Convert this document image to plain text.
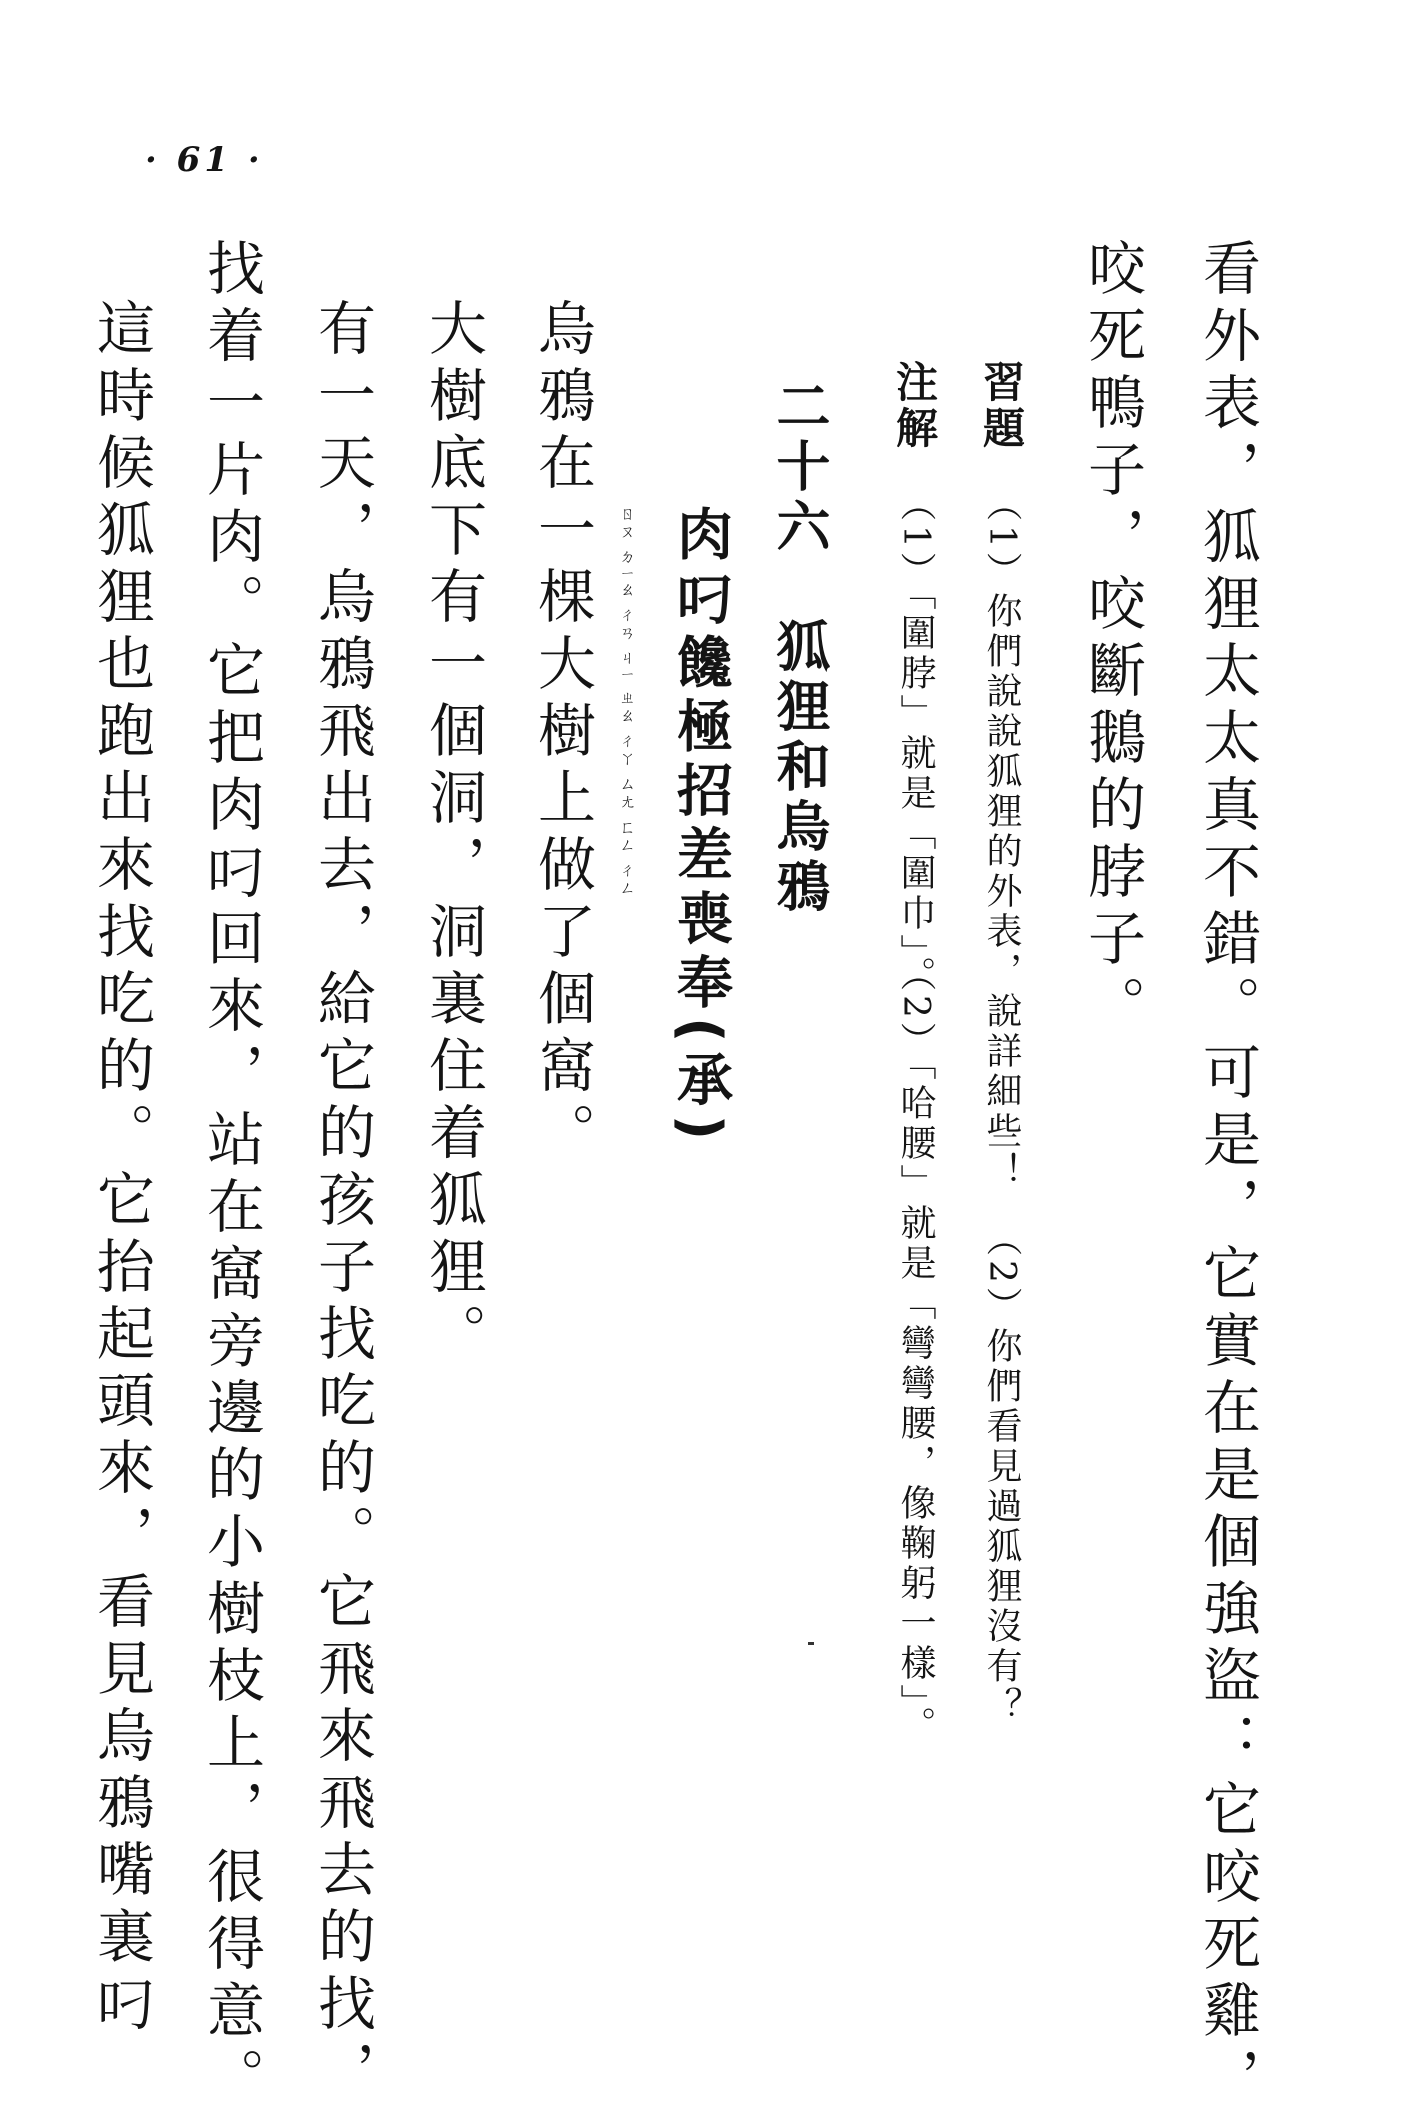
· 61 ·
看外表，狐狸太太真不錯。可是，它實在是個強盜：它咬死雞，
咬死鴨子，咬斷鵝的脖子。
習題
（1）你們說說狐狸的外表，說詳細些！
（2）你們看見過狐狸沒有？
注解
（1）「圍脖」就是「圍巾」。
（2）「哈腰」就是「彎彎腰，像鞠躬一樣」。
二十六　狐狸和烏鴉
肉叼饞極招差喪奉(承)
ㄖㄡ ㄉㄧㄠ ㄔㄢ ㄐㄧ ㄓㄠ ㄔㄚ ㄙㄤ ㄈㄥ ㄔㄥ
烏鴉在一棵大樹上做了個窩。
大樹底下有一個洞，洞裏住着狐狸。
有一天，烏鴉飛出去，給它的孩子找吃的。它飛來飛去的找，
找着一片肉。它把肉叼回來，站在窩旁邊的小樹枝上，很得意。
這時候狐狸也跑出來找吃的。它抬起頭來，看見烏鴉嘴裏叼
